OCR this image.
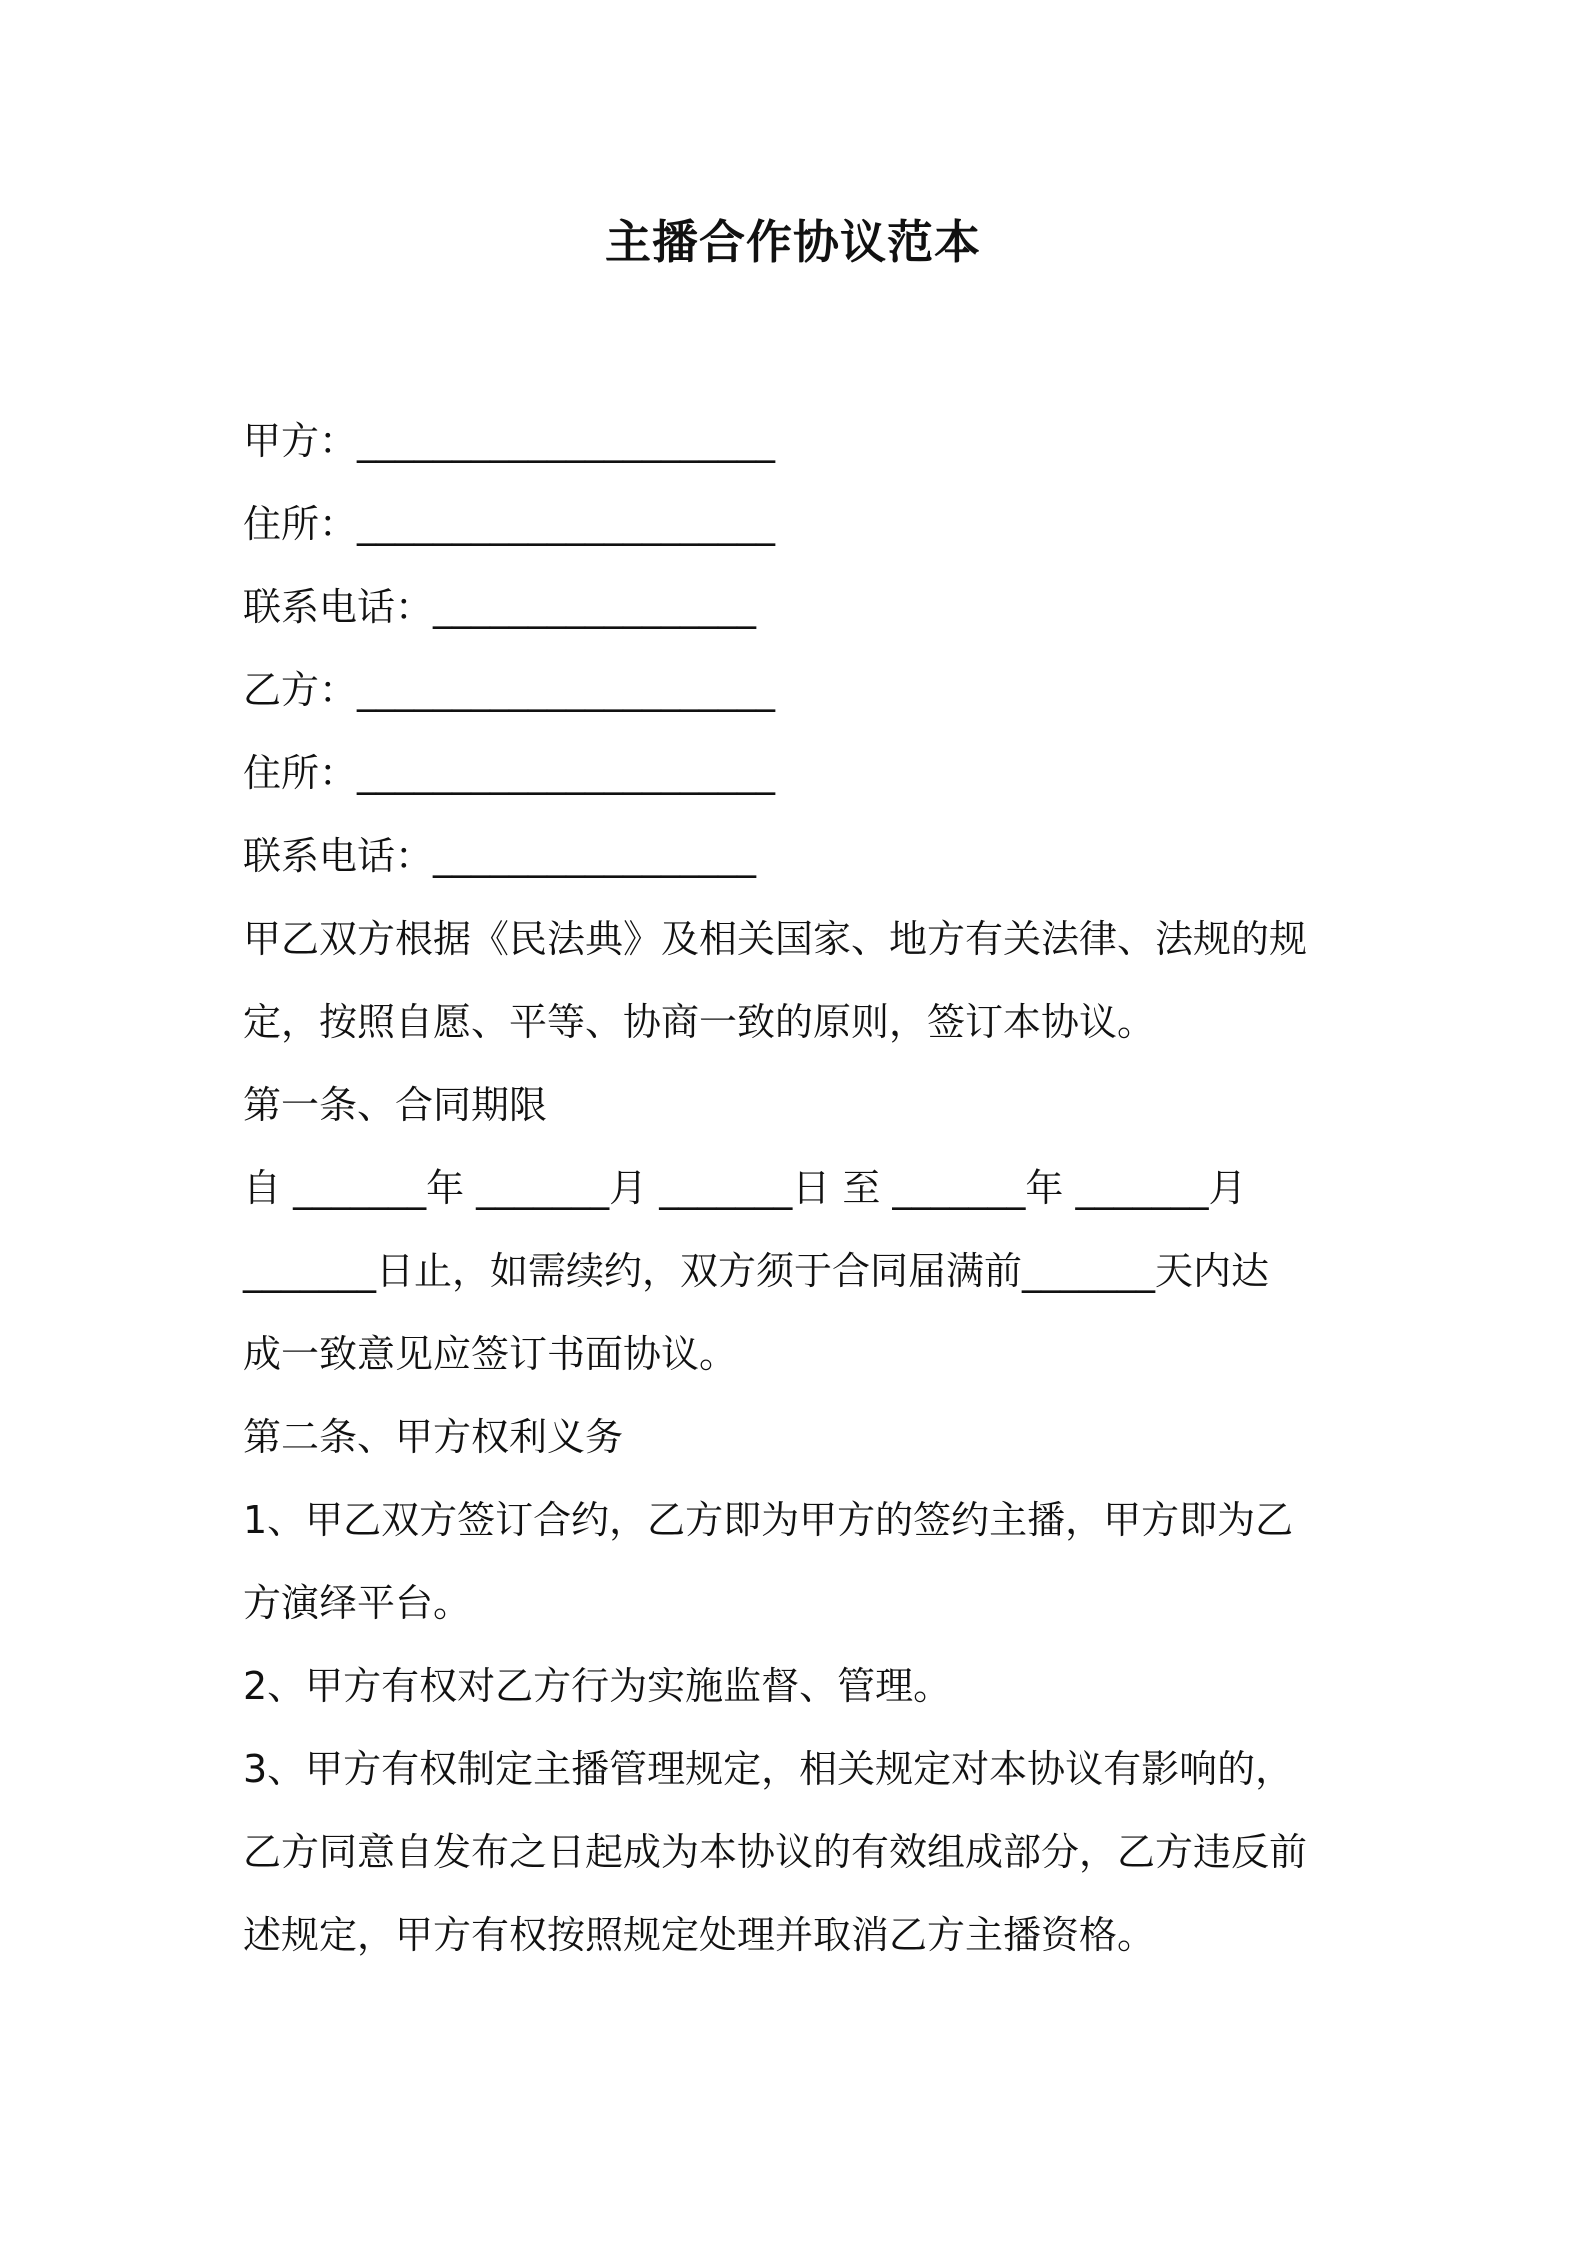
主播合作协议范本
甲方：______________________
住所：______________________
联系电话：_________________
乙方：______________________
住所：______________________
联系电话：_________________
甲乙双方根据《民法典》及相关国家、地方有关法律、法规的规
定，按照自愿、平等、协商一致的原则，签订本协议。
第一条、合同期限
自 _______年 _______月 _______日 至 _______年 _______月
_______日止，如需续约，双方须于合同届满前_______天内达
成一致意见应签订书面协议。
第二条、甲方权利义务
1、甲乙双方签订合约，乙方即为甲方的签约主播，甲方即为乙
方演绎平台。
2、甲方有权对乙方行为实施监督、管理。
3、甲方有权制定主播管理规定，相关规定对本协议有影响的，
乙方同意自发布之日起成为本协议的有效组成部分，乙方违反前
述规定，甲方有权按照规定处理并取消乙方主播资格。
